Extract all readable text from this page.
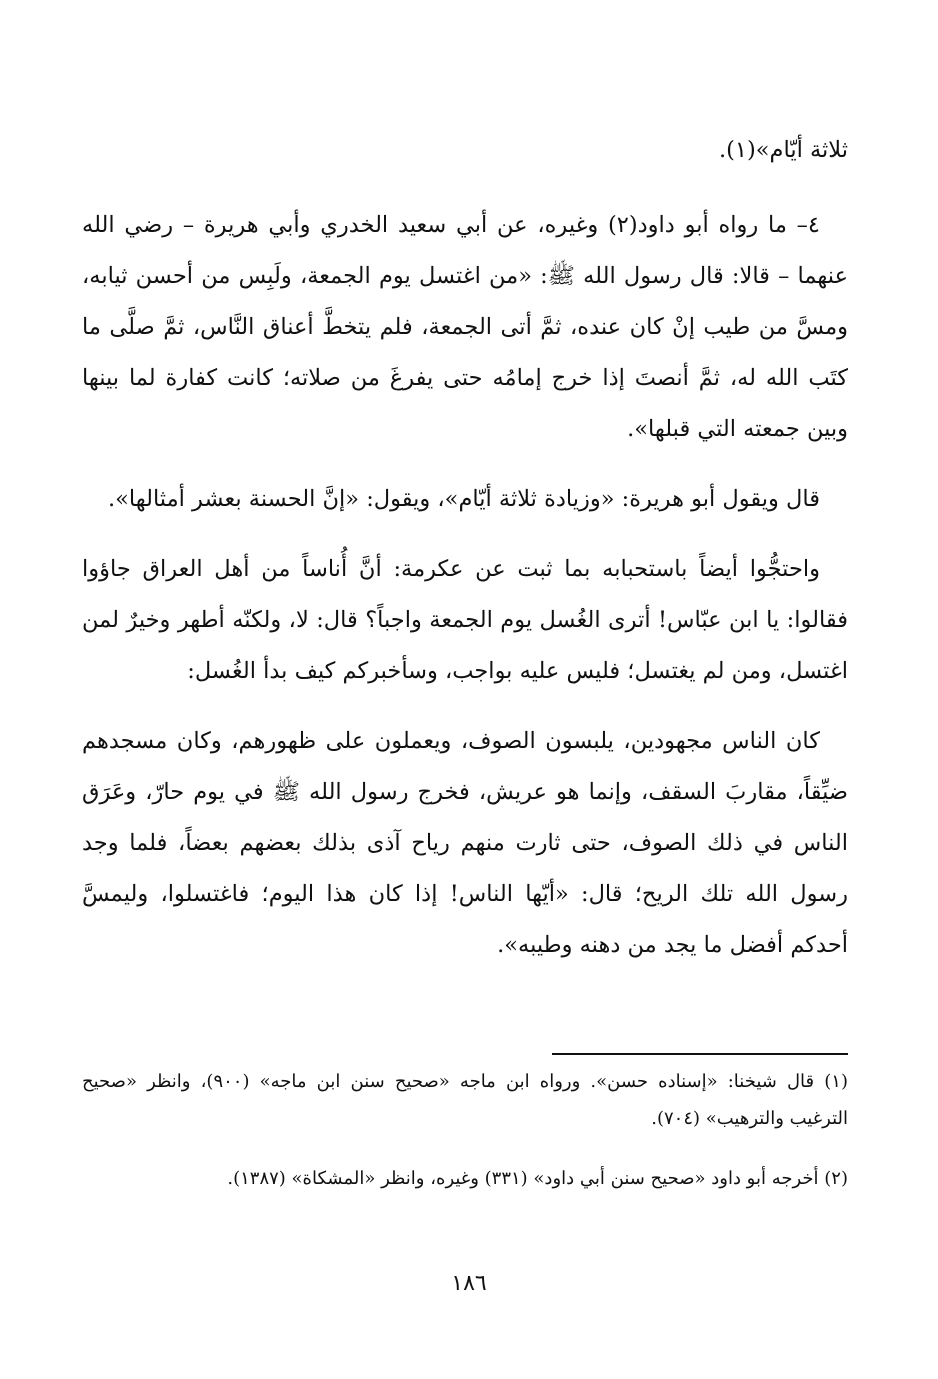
ثلاثة أيّام»(١).

٤– ما رواه أبو داود(٢) وغيره، عن أبي سعيد الخدري وأبي هريرة – رضي الله عنهما – قالا: قال رسول الله ﷺ: «من اغتسل يوم الجمعة، ولَبِس من أحسن ثيابه، ومسَّ من طيب إنْ كان عنده، ثمَّ أتى الجمعة، فلم يتخطَّ أعناق النَّاس، ثمَّ صلَّى ما كتَب الله له، ثمَّ أنصتَ إذا خرج إمامُه حتى يفرغَ من صلاته؛ كانت كفارة لما بينها وبين جمعته التي قبلها».

قال ويقول أبو هريرة: «وزيادة ثلاثة أيّام»، ويقول: «إنَّ الحسنة بعشر أمثالها».

واحتجُّوا أيضاً باستحبابه بما ثبت عن عكرمة: أنَّ أُناساً من أهل العراق جاؤوا فقالوا: يا ابن عبّاس! أترى الغُسل يوم الجمعة واجباً؟ قال: لا، ولكنّه أطهر وخيرٌ لمن اغتسل، ومن لم يغتسل؛ فليس عليه بواجب، وسأخبركم كيف بدأ الغُسل:

كان الناس مجهودين، يلبسون الصوف، ويعملون على ظهورهم، وكان مسجدهم ضيِّقاً، مقاربَ السقف، وإنما هو عريش، فخرج رسول الله ﷺ في يوم حارّ، وعَرَق الناس في ذلك الصوف، حتى ثارت منهم رياح آذى بذلك بعضهم بعضاً، فلما وجد رسول الله تلك الريح؛ قال: «أيّها الناس! إذا كان هذا اليوم؛ فاغتسلوا، وليمسَّ أحدكم أفضل ما يجد من دهنه وطيبه».

(١) قال شيخنا: «إسناده حسن». ورواه ابن ماجه «صحيح سنن ابن ماجه» (٩٠٠)، وانظر «صحيح الترغيب والترهيب» (٧٠٤).

(٢) أخرجه أبو داود «صحيح سنن أبي داود» (٣٣١) وغيره، وانظر «المشكاة» (١٣٨٧).

١٨٦
